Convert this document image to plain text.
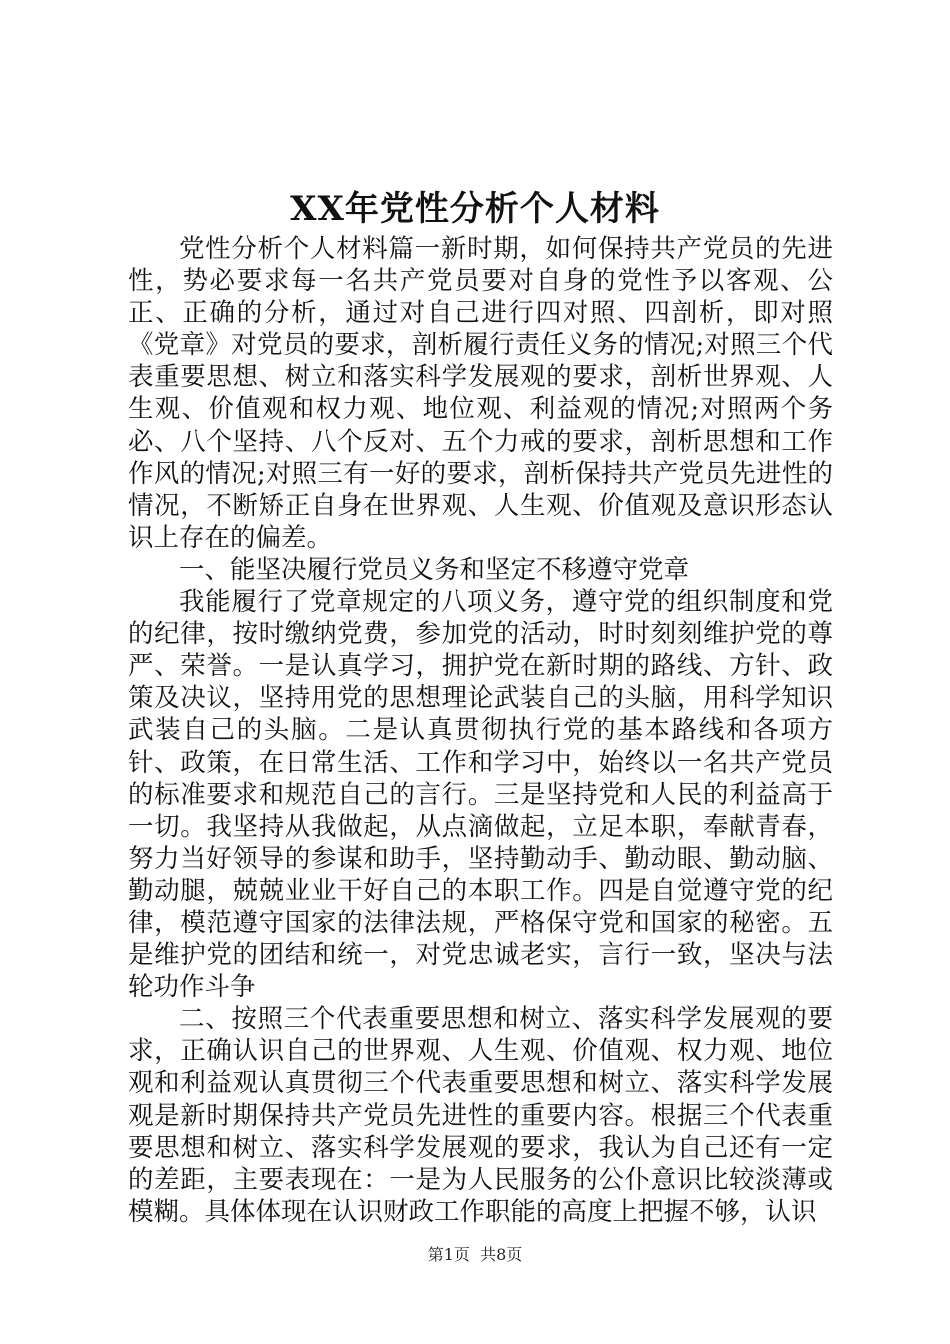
XX年党性分析个人材料

党性分析个人材料篇一新时期，如何保持共产党员的先进性，势必要求每一名共产党员要对自身的党性予以客观、公正、正确的分析，通过对自己进行四对照、四剖析，即对照《党章》对党员的要求，剖析履行责任义务的情况;对照三个代表重要思想、树立和落实科学发展观的要求，剖析世界观、人生观、价值观和权力观、地位观、利益观的情况;对照两个务必、八个坚持、八个反对、五个力戒的要求，剖析思想和工作作风的情况;对照三有一好的要求，剖析保持共产党员先进性的情况，不断矫正自身在世界观、人生观、价值观及意识形态认识上存在的偏差。

一、能坚决履行党员义务和坚定不移遵守党章

我能履行了党章规定的八项义务，遵守党的组织制度和党的纪律，按时缴纳党费，参加党的活动，时时刻刻维护党的尊严、荣誉。一是认真学习，拥护党在新时期的路线、方针、政策及决议，坚持用党的思想理论武装自己的头脑，用科学知识武装自己的头脑。二是认真贯彻执行党的基本路线和各项方针、政策，在日常生活、工作和学习中，始终以一名共产党员的标准要求和规范自己的言行。三是坚持党和人民的利益高于一切。我坚持从我做起，从点滴做起，立足本职，奉献青春，努力当好领导的参谋和助手，坚持勤动手、勤动眼、勤动脑、勤动腿，兢兢业业干好自己的本职工作。四是自觉遵守党的纪律，模范遵守国家的法律法规，严格保守党和国家的秘密。五是维护党的团结和统一，对党忠诚老实，言行一致，坚决与法轮功作斗争

二、按照三个代表重要思想和树立、落实科学发展观的要求，正确认识自己的世界观、人生观、价值观、权力观、地位观和利益观认真贯彻三个代表重要思想和树立、落实科学发展观是新时期保持共产党员先进性的重要内容。根据三个代表重要思想和树立、落实科学发展观的要求，我认为自己还有一定的差距，主要表现在：一是为人民服务的公仆意识比较淡薄或模糊。具体体现在认识财政工作职能的高度上把握不够，认识

第1页 共8页
